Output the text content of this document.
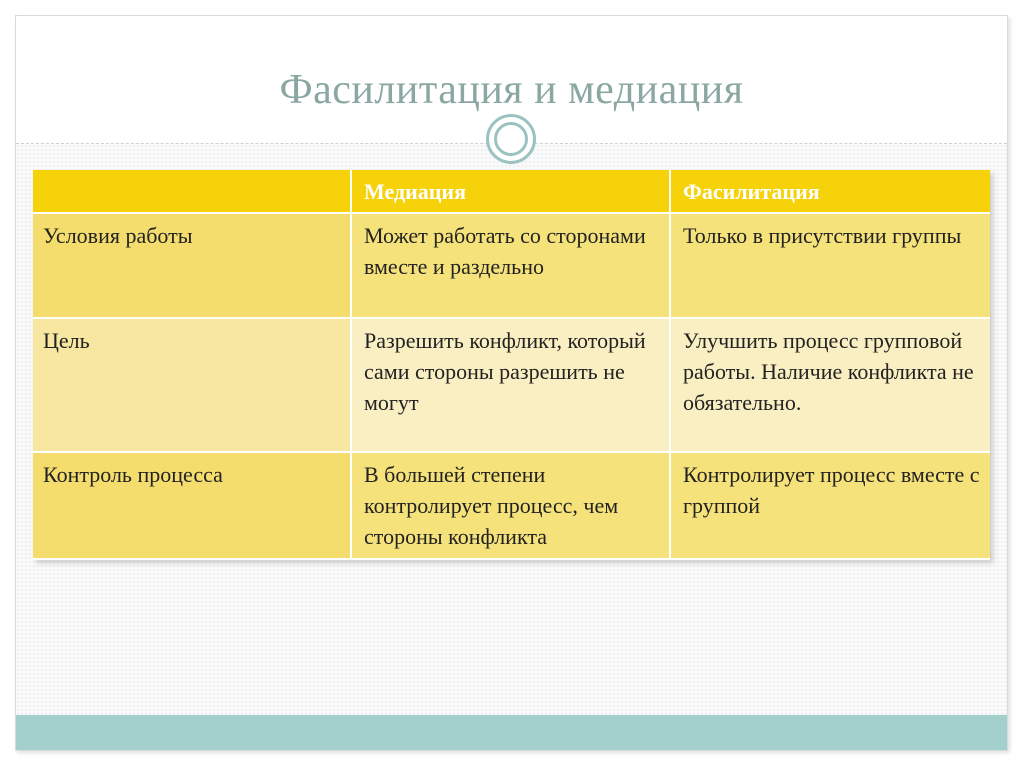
Фасилитация и медиация
	Медиация	Фасилитация
Условия работы	Может работать со сторонами вместе и раздельно	Только в присутствии группы
Цель	Разрешить конфликт, который сами стороны разрешить не могут	Улучшить процесс групповой работы. Наличие конфликта не обязательно.
Контроль процесса	В большей степени контролирует процесс, чем стороны конфликта	Контролирует процесс вместе с группой
